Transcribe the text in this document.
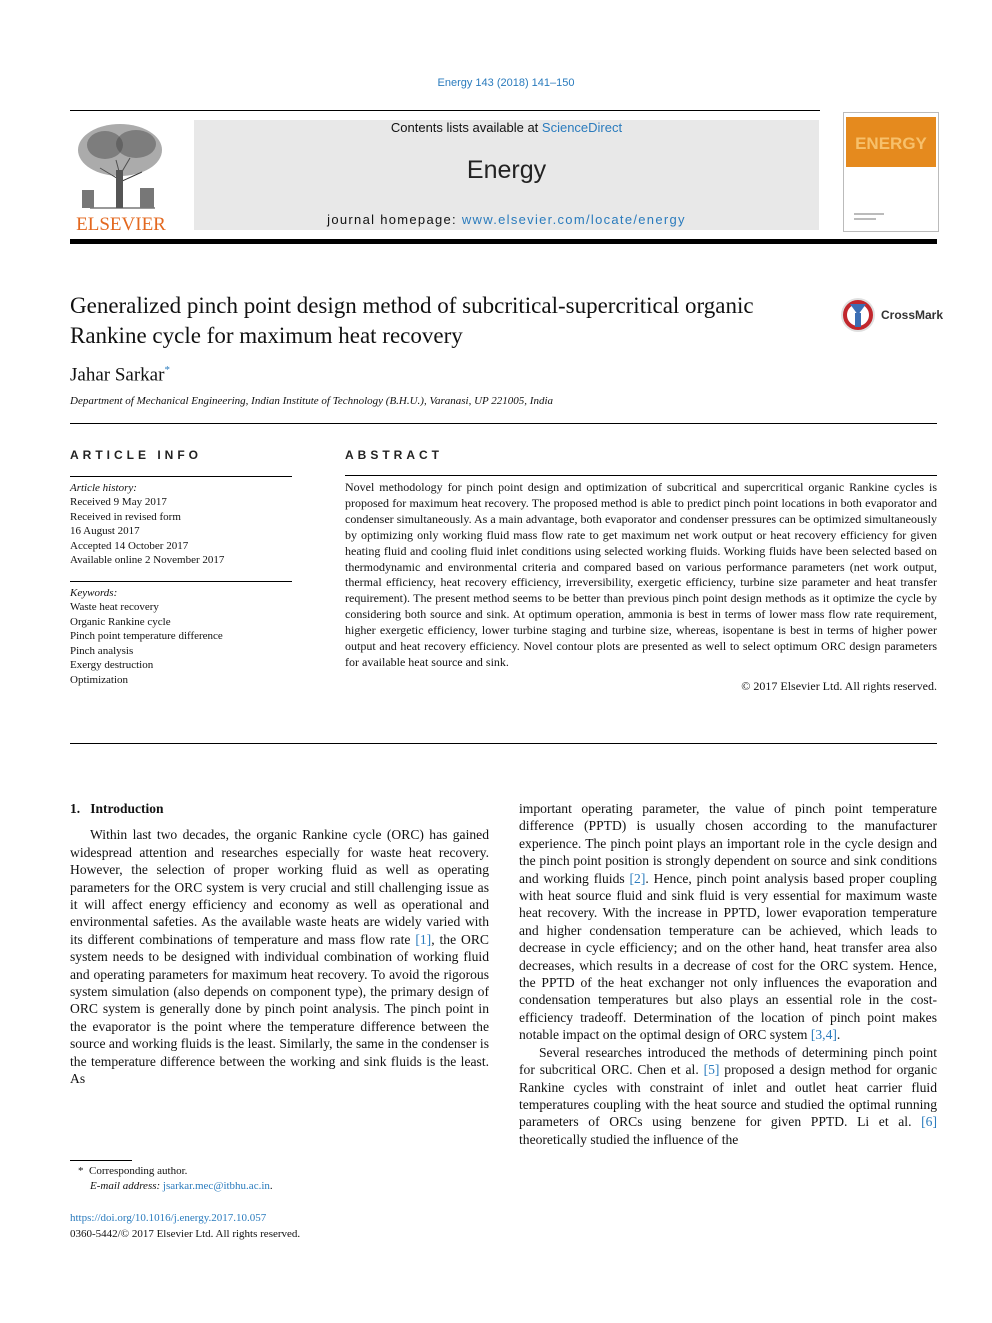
Energy 143 (2018) 141–150
ELSEVIER
Contents lists available at ScienceDirect
Energy
journal homepage: www.elsevier.com/locate/energy
ENERGY
Generalized pinch point design method of subcritical-supercritical organic Rankine cycle for maximum heat recovery
CrossMark
Jahar Sarkar*
Department of Mechanical Engineering, Indian Institute of Technology (B.H.U.), Varanasi, UP 221005, India
ARTICLE INFO
Article history:
Received 9 May 2017
Received in revised form
16 August 2017
Accepted 14 October 2017
Available online 2 November 2017
Keywords:
Waste heat recovery
Organic Rankine cycle
Pinch point temperature difference
Pinch analysis
Exergy destruction
Optimization
ABSTRACT
Novel methodology for pinch point design and optimization of subcritical and supercritical organic Rankine cycles is proposed for maximum heat recovery. The proposed method is able to predict pinch point locations in both evaporator and condenser simultaneously. As a main advantage, both evaporator and condenser pressures can be optimized simultaneously by optimizing only working fluid mass flow rate to get maximum net work output or heat recovery efficiency for given heating fluid and cooling fluid inlet conditions using selected working fluids. Working fluids have been selected based on thermodynamic and environmental criteria and compared based on various performance parameters (net work output, thermal efficiency, heat recovery efficiency, irreversibility, exergetic efficiency, turbine size parameter and heat transfer requirement). The present method seems to be better than previous pinch point design methods as it optimize the cycle by considering both source and sink. At optimum operation, ammonia is best in terms of lower mass flow rate requirement, higher exergetic efficiency, lower turbine staging and turbine size, whereas, isopentane is best in terms of higher power output and heat recovery efficiency. Novel contour plots are presented as well to select optimum ORC design parameters for available heat source and sink.
© 2017 Elsevier Ltd. All rights reserved.
1. Introduction

Within last two decades, the organic Rankine cycle (ORC) has gained widespread attention and researches especially for waste heat recovery. However, the selection of proper working fluid as well as operating parameters for the ORC system is very crucial and still challenging issue as it will affect energy efficiency and economy as well as operational and environmental safeties. As the available waste heats are widely varied with its different combinations of temperature and mass flow rate [1], the ORC system needs to be designed with individual combination of working fluid and operating parameters for maximum heat recovery. To avoid the rigorous system simulation (also depends on component type), the primary design of ORC system is generally done by pinch point analysis. The pinch point in the evaporator is the point where the temperature difference between the source and working fluids is the least. Similarly, the same in the condenser is the temperature difference between the working and sink fluids is the least. As

important operating parameter, the value of pinch point temperature difference (PPTD) is usually chosen according to the manufacturer experience. The pinch point plays an important role in the cycle design and the pinch point position is strongly dependent on source and sink conditions and working fluids [2]. Hence, pinch point analysis based proper coupling with heat source fluid and sink fluid is very essential for maximum waste heat recovery. With the increase in PPTD, lower evaporation temperature and higher condensation temperature can be achieved, which leads to decrease in cycle efficiency; and on the other hand, heat transfer area also decreases, which results in a decrease of cost for the ORC system. Hence, the PPTD of the heat exchanger not only influences the evaporation and condensation temperatures but also plays an essential role in the cost-efficiency tradeoff. Determination of the location of pinch point makes notable impact on the optimal design of ORC system [3,4].

Several researches introduced the methods of determining pinch point for subcritical ORC. Chen et al. [5] proposed a design method for organic Rankine cycles with constraint of inlet and outlet heat carrier fluid temperatures coupling with the heat source and studied the optimal running parameters of ORCs using benzene for given PPTD. Li et al. [6] theoretically studied the influence of the

* Corresponding author.
E-mail address: jsarkar.mec@itbhu.ac.in.
https://doi.org/10.1016/j.energy.2017.10.057
0360-5442/© 2017 Elsevier Ltd. All rights reserved.
